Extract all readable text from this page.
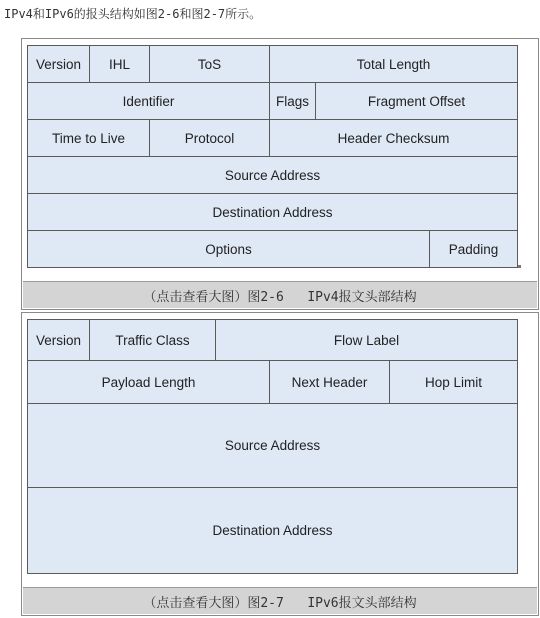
IPv4和IPv6的报头结构如图2-6和图2-7所示。
Version	IHL	ToS	Total Length
Identifier	Flags	Fragment Offset
Time to Live	Protocol	Header Checksum
Source Address
Destination Address
Options	Padding
（点击查看大图）图2-6   IPv4报文头部结构
Version	Traffic Class	Flow Label
Payload Length	Next Header	Hop Limit
Source Address
Destination Address
（点击查看大图）图2-7   IPv6报文头部结构
